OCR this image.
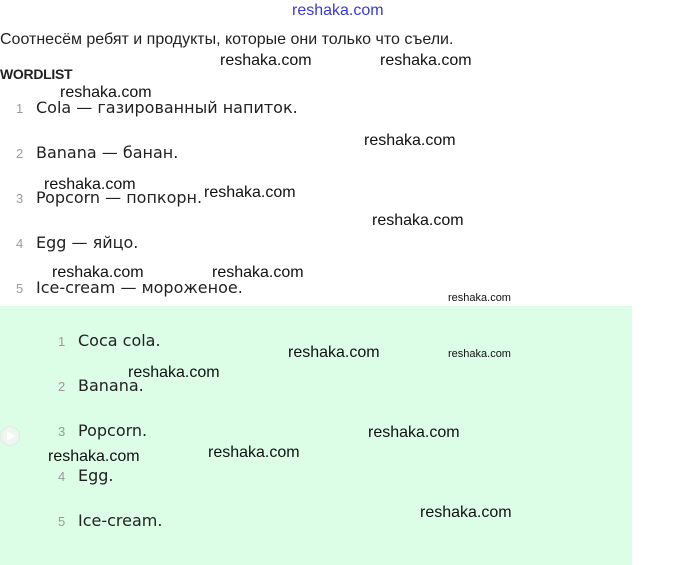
reshaka.com
Соотнесём ребят и продукты, которые они только что съели.
WORDLIST
1 Cola — газированный напиток.
2 Banana — банан.
3 Popcorn — попкорн.
4 Egg — яйцо.
5 Ice-cream — мороженое.
1 Coca cola.
2 Banana.
3 Popcorn.
4 Egg.
5 Ice-cream.
reshaka.com	reshaka.com
reshaka.com
reshaka.com
reshaka.com	reshaka.com
reshaka.com
reshaka.com	reshaka.com
reshaka.com
reshaka.com	reshaka.com
reshaka.com
reshaka.com
reshaka.com
reshaka.com
reshaka.com
